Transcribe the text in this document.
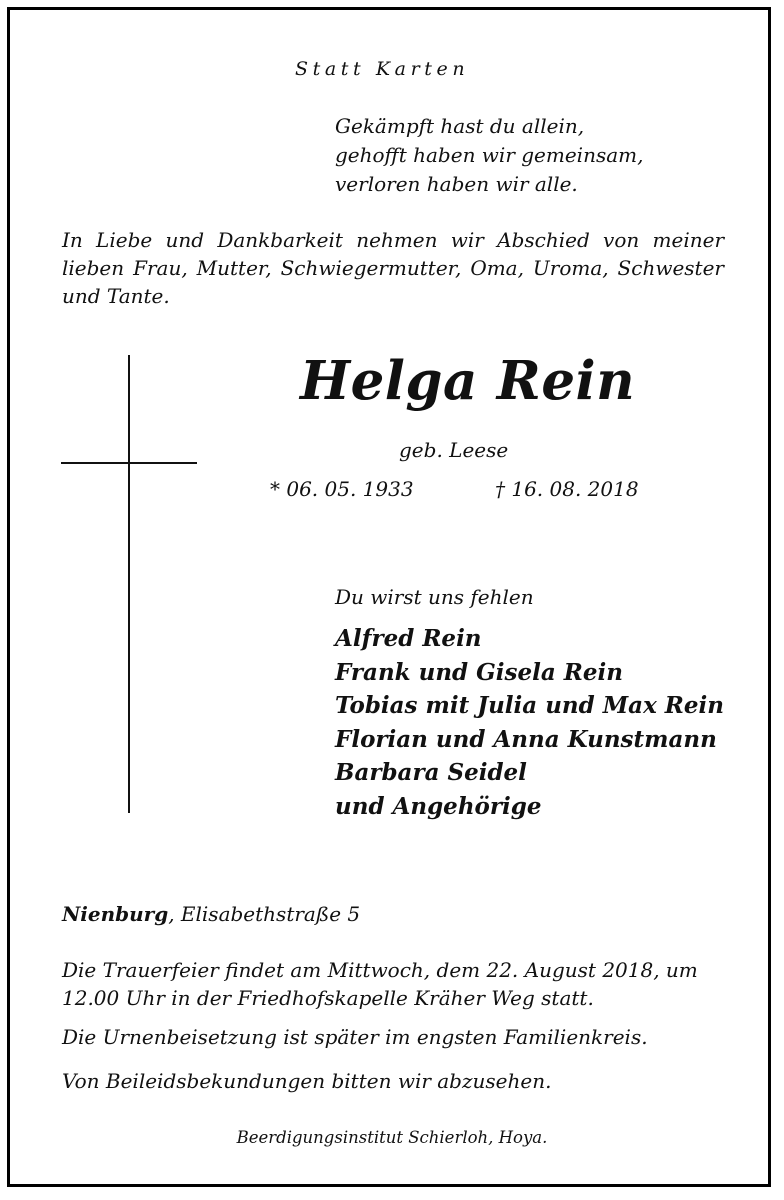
Statt Karten

Gekämpft hast du allein,
gehofft haben wir gemeinsam,
verloren haben wir alle.

In Liebe und Dankbarkeit nehmen wir Abschied von meiner lieben Frau, Mutter, Schwiegermutter, Oma, Uroma, Schwester und Tante.

Helga Rein

geb. Leese

* 06. 05. 1933	† 16. 08. 2018

Du wirst uns fehlen

Alfred Rein
Frank und Gisela Rein
Tobias mit Julia und Max Rein
Florian und Anna Kunstmann
Barbara Seidel
und Angehörige

Nienburg, Elisabethstraße 5

Die Trauerfeier findet am Mittwoch, dem 22. August 2018, um 12.00 Uhr in der Friedhofskapelle Kräher Weg statt.

Die Urnenbeisetzung ist später im engsten Familienkreis.

Von Beileidsbekundungen bitten wir abzusehen.

Beerdigungsinstitut Schierloh, Hoya.
